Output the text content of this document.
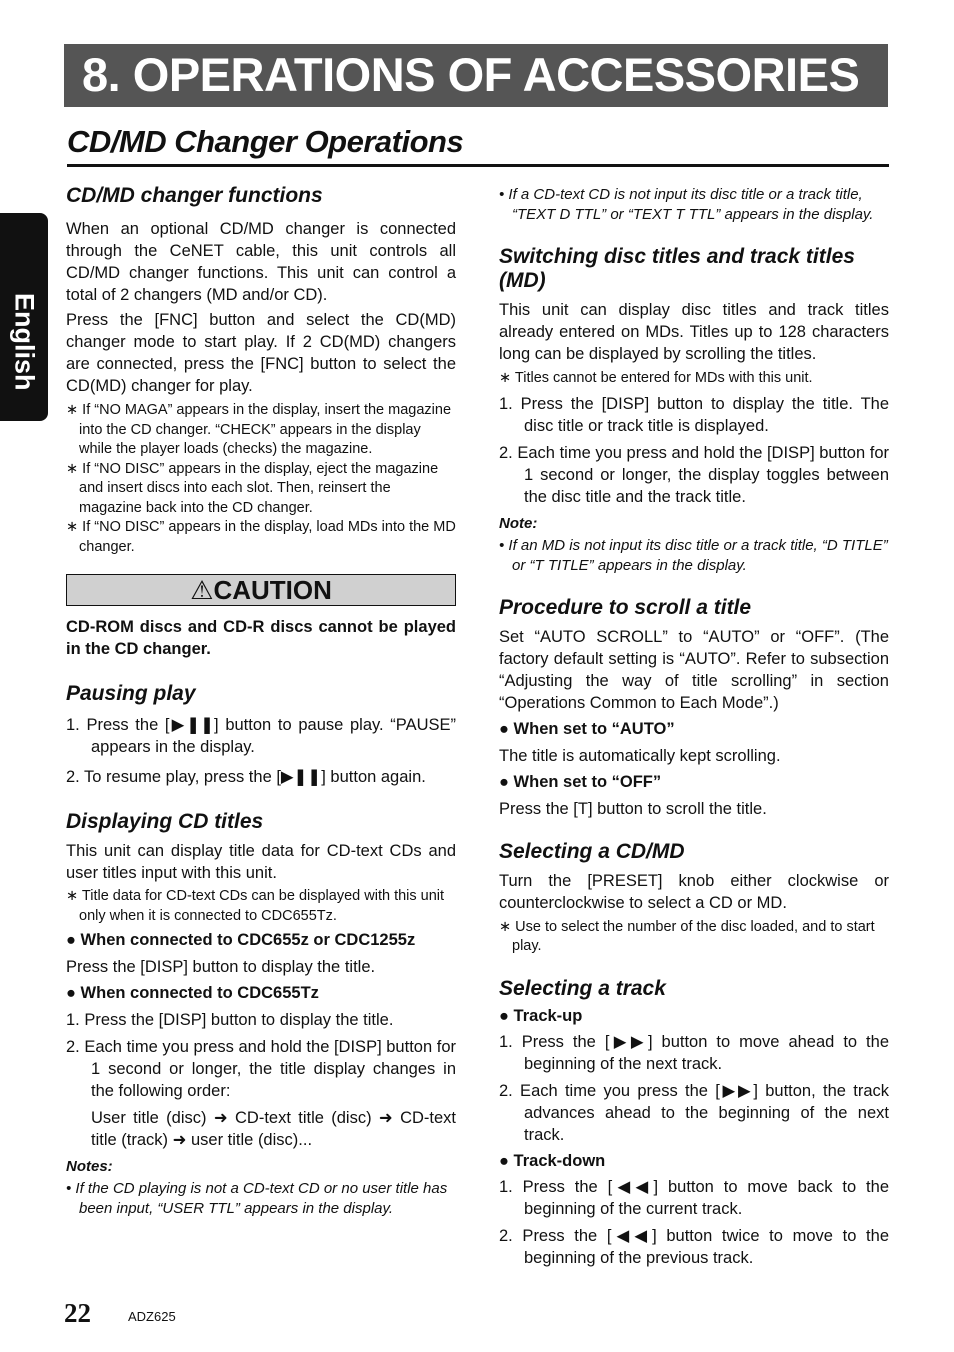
8. OPERATIONS OF ACCESSORIES
CD/MD Changer Operations
English
CD/MD changer functions

When an optional CD/MD changer is connected through the CeNET cable, this unit controls all CD/MD changer functions. This unit can control a total of 2 changers (MD and/or CD).

Press the [FNC] button and select the CD(MD) changer mode to start play. If 2 CD(MD) changers are connected, press the [FNC] button to select the CD(MD) changer for play.

∗ If “NO MAGA” appears in the display, insert the magazine into the CD changer. “CHECK” appears in the display while the player loads (checks) the magazine.
∗ If “NO DISC” appears in the display, eject the magazine and insert discs into each slot. Then, reinsert the magazine back into the CD changer.
∗ If “NO DISC” appears in the display, load MDs into the MD changer.
⚠CAUTION
CD-ROM discs and CD-R discs cannot be played in the CD changer.
Pausing play
1. Press the [▶❚❚] button to pause play. “PAUSE” appears in the display.
2. To resume play, press the [▶❚❚] button again.
Displaying CD titles

This unit can display title data for CD-text CDs and user titles input with this unit.

∗ Title data for CD-text CDs can be displayed with this unit only when it is connected to CDC655Tz.
● When connected to CDC655z or CDC1255z

Press the [DISP] button to display the title.

● When connected to CDC655Tz
1. Press the [DISP] button to display the title.
2. Each time you press and hold the [DISP] button for 1 second or longer, the title display changes in the following order:

User title (disc) ➜ CD-text title (disc) ➜ CD-text title (track) ➜ user title (disc)...

Notes:
• If the CD playing is not a CD-text CD or no user title has been input, “USER TTL” appears in the display.
• If a CD-text CD is not input its disc title or a track title, “TEXT D TTL” or “TEXT T TTL” appears in the display.
Switching disc titles and track titles (MD)

This unit can display disc titles and track titles already entered on MDs. Titles up to 128 characters long can be displayed by scrolling the titles.

∗ Titles cannot be entered for MDs with this unit.
1. Press the [DISP] button to display the title. The disc title or track title is displayed.
2. Each time you press and hold the [DISP] button for 1 second or longer, the display toggles between the disc title and the track title.
Note:
• If an MD is not input its disc title or a track title, “D TITLE” or “T TITLE” appears in the display.
Procedure to scroll a title

Set “AUTO SCROLL” to “AUTO” or “OFF”. (The factory default setting is “AUTO”. Refer to subsection “Adjusting the way of title scrolling” in section “Operations Common to Each Mode”.)

● When set to “AUTO”

The title is automatically kept scrolling.

● When set to “OFF”

Press the [T] button to scroll the title.

Selecting a CD/MD

Turn the [PRESET] knob either clockwise or counterclockwise to select a CD or MD.

∗ Use to select the number of the disc loaded, and to start play.
Selecting a track
● Track-up
1. Press the [▶▶] button to move ahead to the beginning of the next track.
2. Each time you press the [▶▶] button, the track advances ahead to the beginning of the next track.
● Track-down
1. Press the [◀◀] button to move back to the beginning of the current track.
2. Press the [◀◀] button twice to move to the beginning of the previous track.
22	ADZ625
